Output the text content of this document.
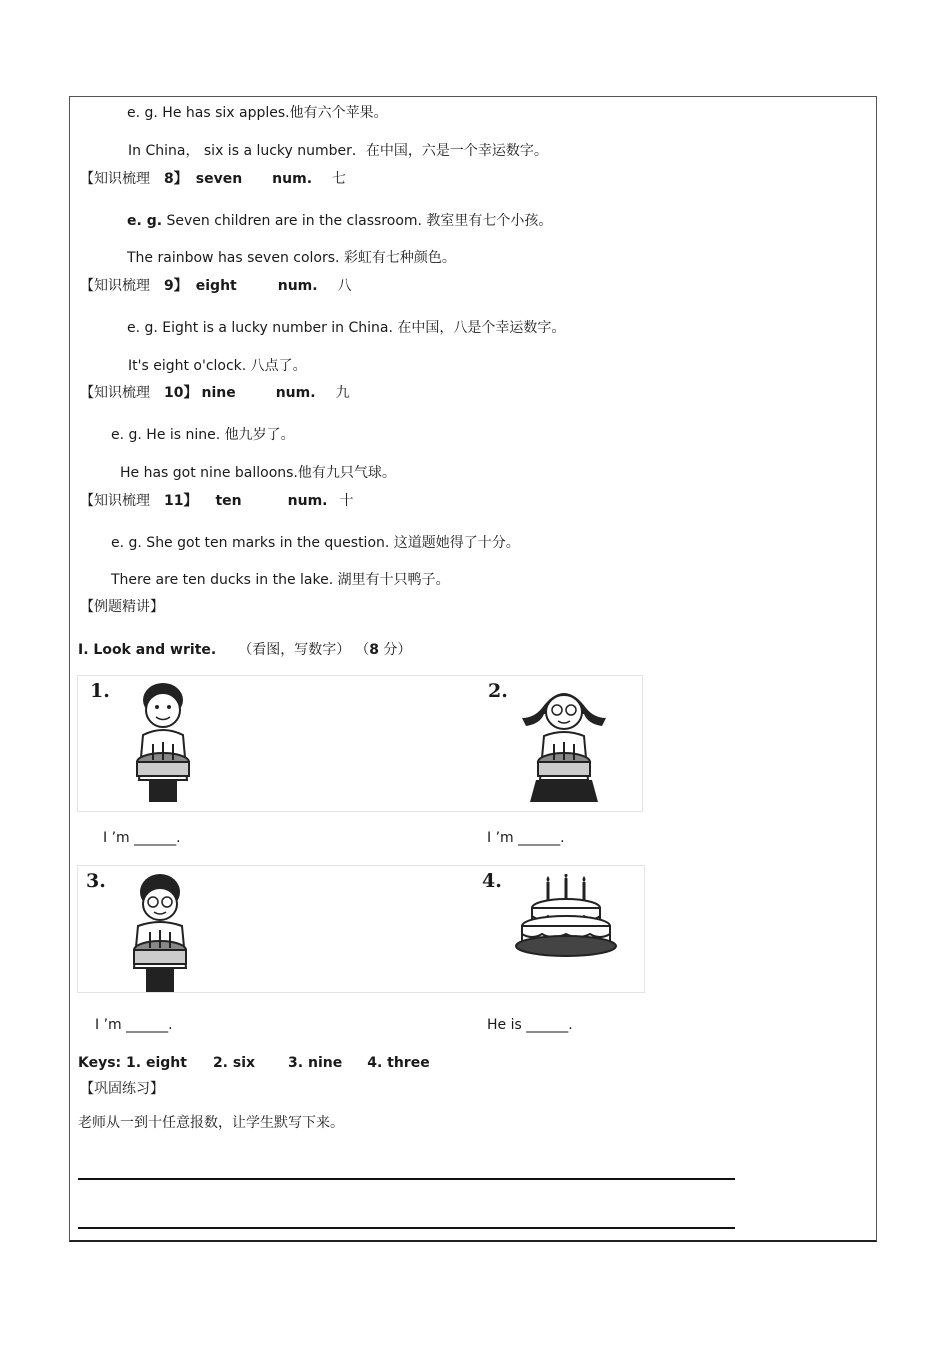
e. g. He has six apples.他有六个苹果。
In China， six is a lucky number．在中国，六是一个幸运数字。
【知识梳理 8】 seven num. 七
e. g. Seven children are in the classroom. 教室里有七个小孩。
The rainbow has seven colors. 彩虹有七种颜色。
【知识梳理 9】 eight	num. 八
e. g. Eight is a lucky number in China. 在中国，八是个幸运数字。
It's eight o'clock. 八点了。
【知识梳理 10】 nine	num. 九
e. g. He is nine. 他九岁了。
He has got nine balloons.他有九只气球。
【知识梳理 11】 ten	num. 十
e. g. She got ten marks in the question. 这道题她得了十分。
There are ten ducks in the lake. 湖里有十只鸭子。
【例题精讲】
I. Look and write. （看图，写数字） （8 分）
1.	2.
I ’m ______.	I ’m ______.
3.	4.
I ’m ______.	He is ______.
Keys: 1. eight 2. six 3. nine 4. three
【巩固练习】
老师从一到十任意报数，让学生默写下来。
